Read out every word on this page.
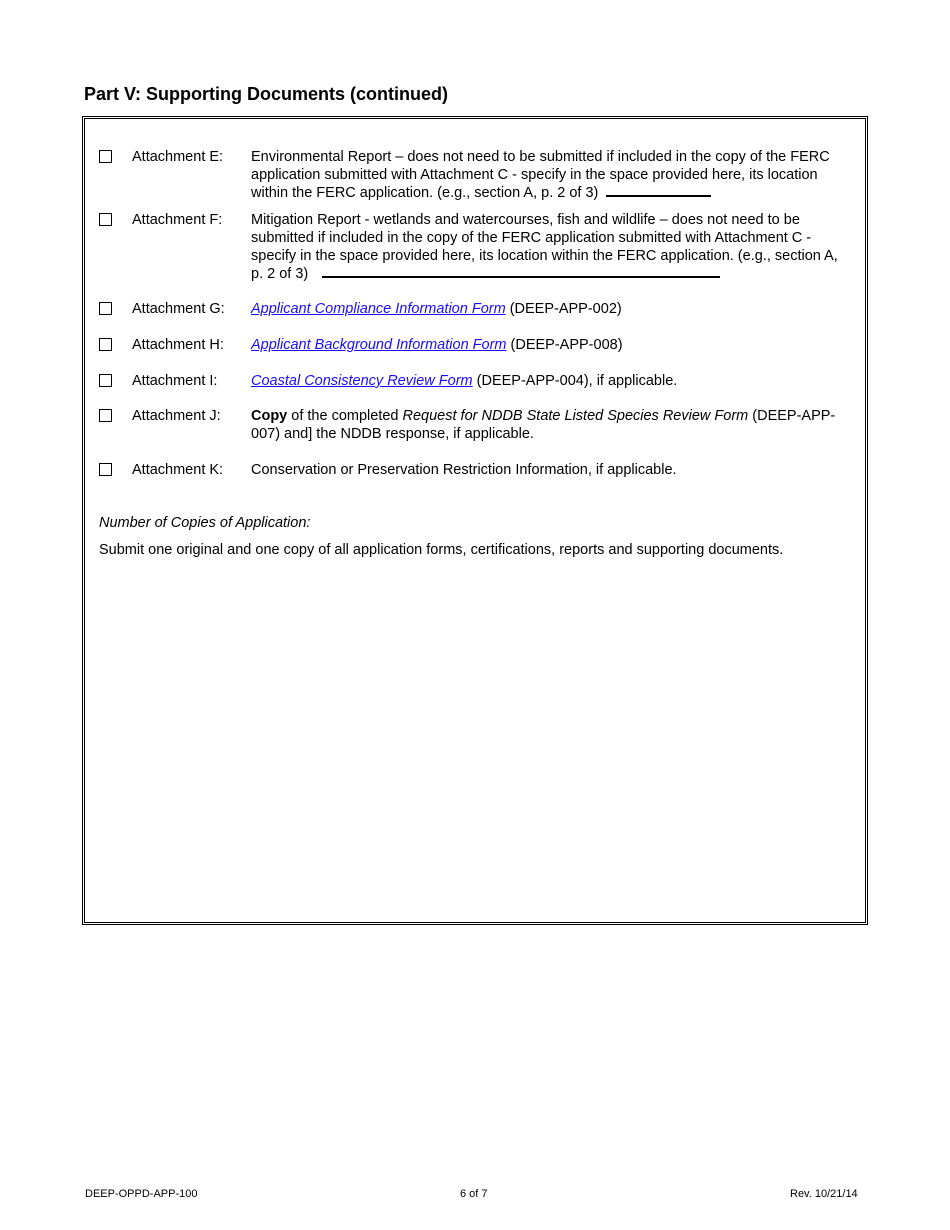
Part V: Supporting Documents (continued)
Attachment E: Environmental Report – does not need to be submitted if included in the copy of the FERC application submitted with Attachment C - specify in the space provided here, its location within the FERC application. (e.g., section A, p. 2 of 3)
Attachment F: Mitigation Report - wetlands and watercourses, fish and wildlife – does not need to be submitted if included in the copy of the FERC application submitted with Attachment C - specify in the space provided here, its location within the FERC application. (e.g., section A, p. 2 of 3)
Attachment G: Applicant Compliance Information Form (DEEP-APP-002)
Attachment H: Applicant Background Information Form (DEEP-APP-008)
Attachment I: Coastal Consistency Review Form (DEEP-APP-004), if applicable.
Attachment J: Copy of the completed Request for NDDB State Listed Species Review Form (DEEP-APP-007) and] the NDDB response, if applicable.
Attachment K: Conservation or Preservation Restriction Information, if applicable.
Number of Copies of Application:
Submit one original and one copy of all application forms, certifications, reports and supporting documents.
DEEP-OPPD-APP-100	6 of 7	Rev. 10/21/14
